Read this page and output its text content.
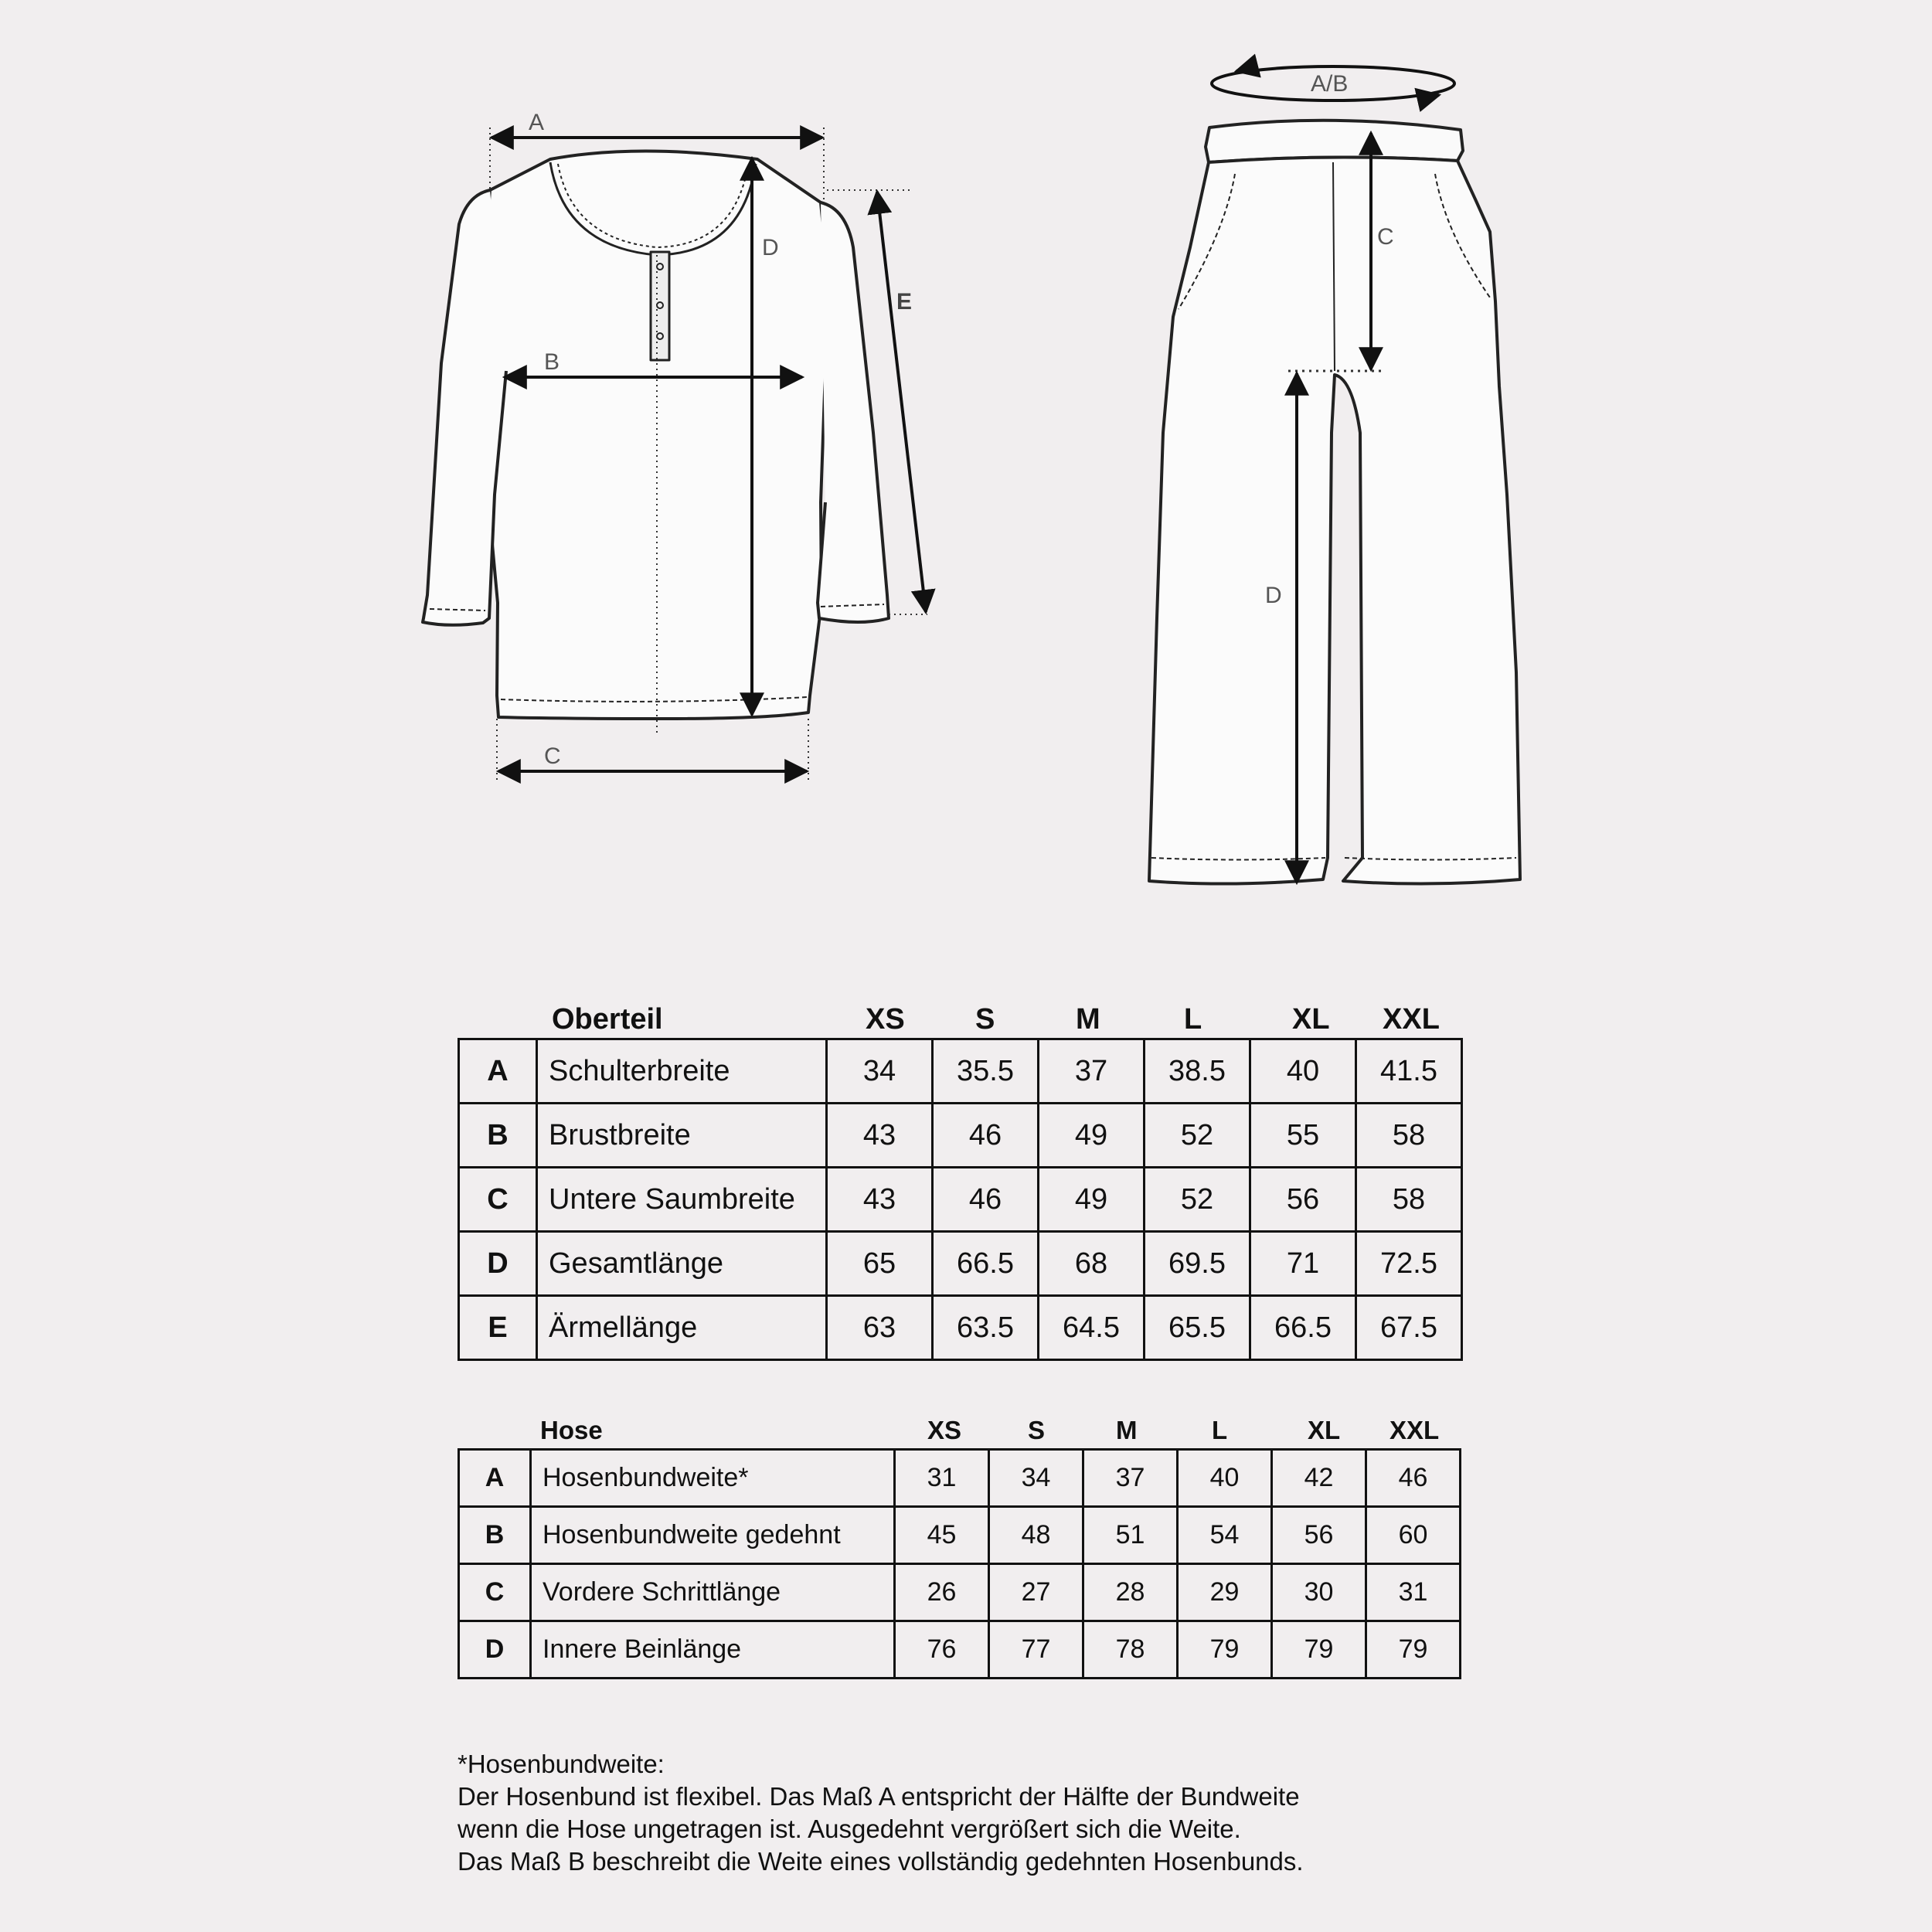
A
B
C
D
E
A/B
C
D
Oberteil	XS S	M	L	XL XXL
A	Schulterbreite	34	35.5	37	38.5	40	41.5
B	Brustbreite	43	46	49	52	55	58
C	Untere Saumbreite	43	46	49	52	56	58
D	Gesamtlänge	65	66.5	68	69.5	71	72.5
E	Ärmellänge	63	63.5	64.5	65.5	66.5	67.5
Hose	XS	S	M	L	XL XXL
A	Hosenbundweite*	31	34	37	40	42	46
B	Hosenbundweite gedehnt	45	48	51	54	56	60
C	Vordere Schrittlänge	26	27	28	29	30	31
D	Innere Beinlänge	76	77	78	79	79	79
*Hosenbundweite:
Der Hosenbund ist flexibel. Das Maß A entspricht der Hälfte der Bundweite
wenn die Hose ungetragen ist. Ausgedehnt vergrößert sich die Weite.
Das Maß B beschreibt die Weite eines vollständig gedehnten Hosenbunds.
